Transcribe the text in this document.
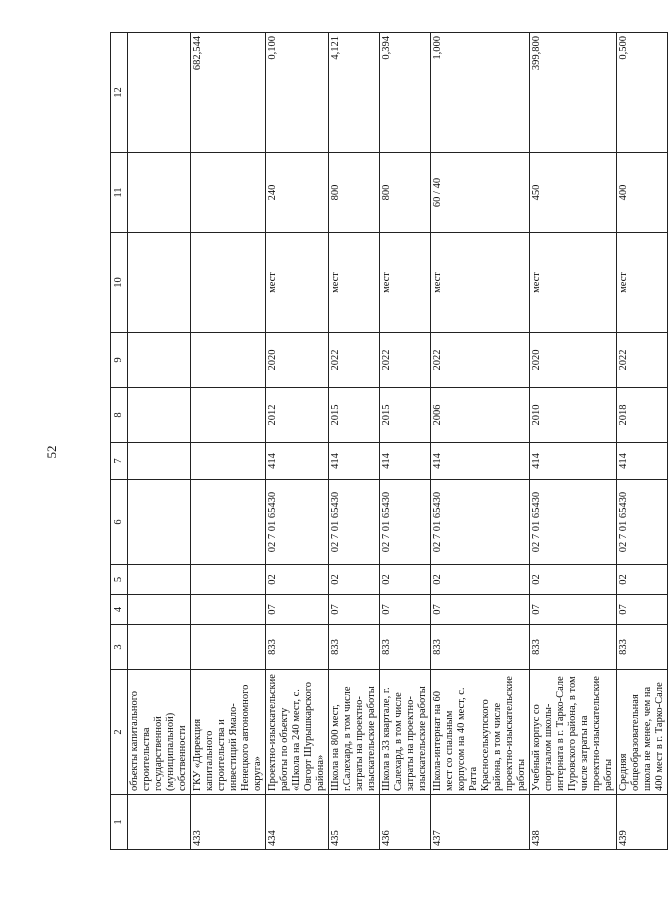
52
1	2	3	4	5	6	7	8	9	10	11	12
	объекты капитального строительства государственной (муниципальной) собственности										
433	ГКУ «Дирекция капитального строительства и инвестиций Ямало-Ненецкого автономного округа»										682,544
434	Проектно-изыскательские работы по объекту «Школа на 240 мест, с. Овгорт Шурышкарского района»	833	07	02	02 7 01 65430	414	2012	2020	мест	240	0,100
435	Школа на 800 мест, г.Салехард, в том числе затраты на проектно-изыскательские работы	833	07	02	02 7 01 65430	414	2015	2022	мест	800	4,121
436	Школа в 33 квартале, г. Салехард, в том числе затраты на проектно-изыскательские работы	833	07	02	02 7 01 65430	414	2015	2022	мест	800	0,394
437	Школа-интернат на 60 мест со спальным корпусом на 40 мест, с. Ратта Красноселькупского района, в том числе проектно-изыскательские работы	833	07	02	02 7 01 65430	414	2006	2022	мест	60 / 40	1,000
438	Учебный корпус со спортзалом школы-интерната в г. Тарко-Сале Пуровского района, в том числе затраты на проектно-изыскательские работы	833	07	02	02 7 01 65430	414	2010	2020	мест	450	399,800
439	Средняя общеобразовательная школа не менее, чем на 400 мест в г. Тарко-Сале	833	07	02	02 7 01 65430	414	2018	2022	мест	400	0,500
